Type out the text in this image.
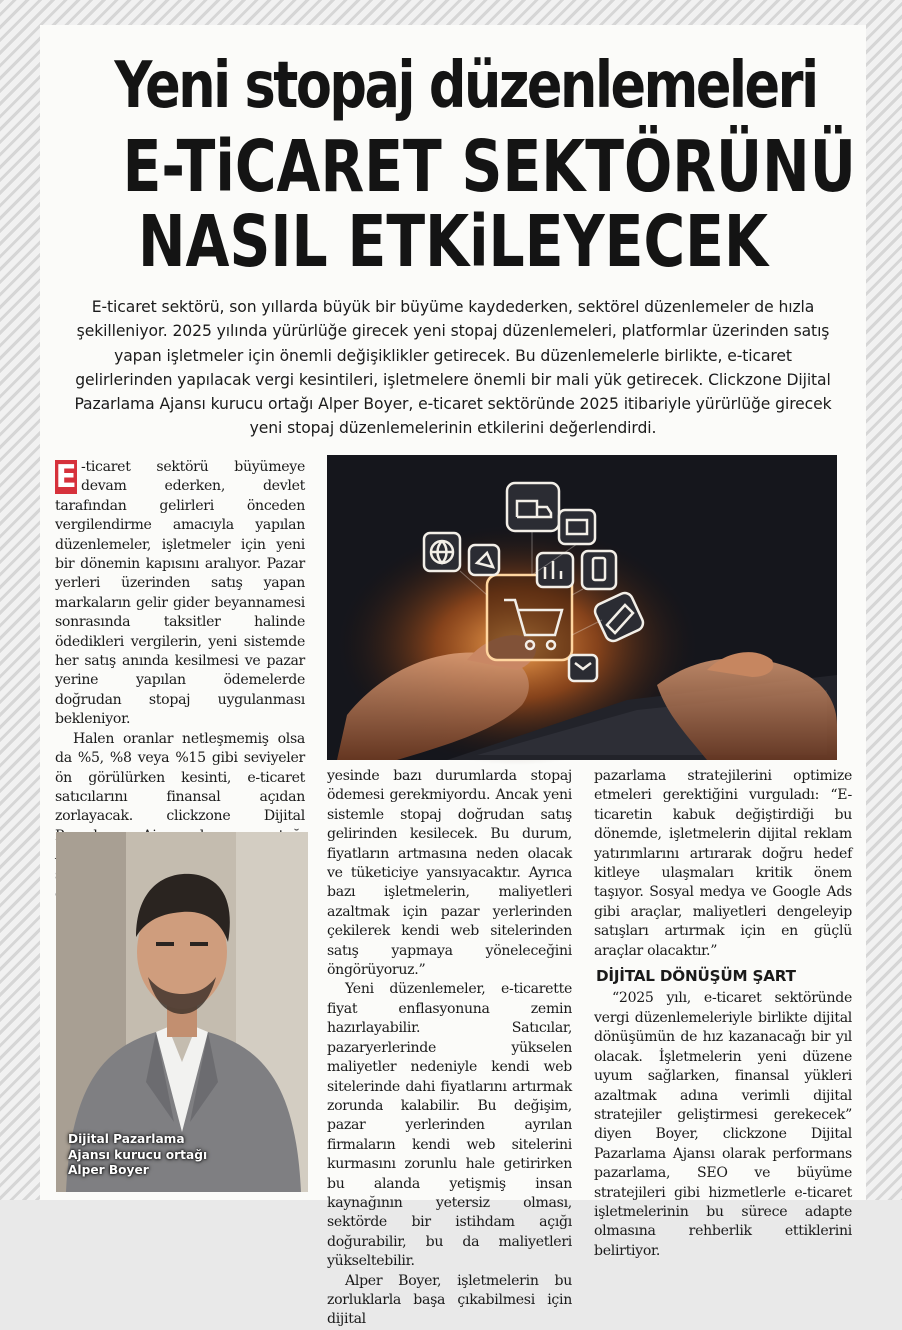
Yeni stopaj düzenlemeleri
E-TiCARET SEKTÖRÜNÜ
NASIL ETKiLEYECEK
E-ticaret sektörü, son yıllarda büyük bir büyüme kaydederken, sektörel düzenlemeler de hızla şekilleniyor. 2025 yılında yürürlüğe girecek yeni stopaj düzenlemeleri, platformlar üzerinden satış yapan işletmeler için önemli değişiklikler getirecek. Bu düzenlemelerle birlikte, e-ticaret gelirlerinden yapılacak vergi kesintileri, işletmelere önemli bir mali yük getirecek. Clickzone Dijital Pazarlama Ajansı kurucu ortağı Alper Boyer, e-ticaret sektöründe 2025 itibariyle yürürlüğe girecek yeni stopaj düzenlemelerinin etkilerini değerlendirdi.

E -ticaret sektörü büyümeye devam ederken, devlet tarafından gelirleri önceden vergilendirme amacıyla yapılan düzenlemeler, işletmeler için yeni bir dönemin kapısını aralıyor. Pazar yerleri üzerinden satış yapan markaların gelir gider beyannamesi sonrasında taksitler halinde ödedikleri vergilerin, yeni sistemde her satış anında kesilmesi ve pazar yerine yapılan ödemelerde doğrudan stopaj uygulanması bekleniyor.

Halen oranlar netleşmemiş olsa da %5, %8 veya %15 gibi seviyeler ön görülürken kesinti, e-ticaret satıcılarını finansal açıdan zorlayacak. clickzone Dijital

yesinde bazı durumlarda stopaj ödemesi gerekmiyordu. Ancak yeni sistemle stopaj doğrudan satış gelirinden kesilecek. Bu durum, fiyatların artmasına neden olacak ve tüketiciye yansıyacaktır. Ayrıca bazı işletmelerin, maliyetleri azaltmak için pazar yerlerinden çekilerek kendi web sitelerinden satış yapmaya yöneleceğini öngörüyoruz.”

Yeni düzenlemeler, e-ticarette fiyat enflasyonuna zemin hazırlayabilir. Satıcılar, pazaryerlerinde yükselen maliyetler nedeniyle kendi web sitelerinde dahi fiyatlarını artırmak zorunda kalabilir. Bu değişim, pazar yerlerinden ayrılan firmaların kendi web sitelerini kurmasını zorunlu hale getirirken bu alanda yetişmiş insan kaynağının yetersiz olması, sektörde bir istihdam açığı doğurabilir, bu da maliyetleri yükseltebilir.

Alper Boyer, işletmelerin bu zorluklarla başa çıkabilmesi için dijital

pazarlama stratejilerini optimize etmeleri gerektiğini vurguladı: “E-ticaretin kabuk değiştirdiği bu dönemde, işletmelerin dijital reklam yatırımlarını artırarak doğru hedef kitleye ulaşmaları kritik önem taşıyor. Sosyal medya ve Google Ads gibi araçlar, maliyetleri dengeleyip satışları artırmak için en güçlü araçlar olacaktır.”

DİJİTAL DÖNÜŞÜM ŞART

“2025 yılı, e-ticaret sektöründe vergi düzenlemeleriyle birlikte dijital dönüşümün de hız kazanacağı bir yıl olacak. İşletmelerin yeni düzene uyum sağlarken, finansal yükleri azaltmak adına verimli dijital stratejiler geliştirmesi gerekecek” diyen Boyer, clickzone Dijital Pazarlama Ajansı olarak performans pazarlama, SEO ve büyüme stratejileri gibi hizmetlerle e-ticaret işletmelerinin bu sürece adapte olmasına rehberlik ettiklerini belirtiyor.

Dijital Pazarlama
Ajansı kurucu ortağı
Alper Boyer
